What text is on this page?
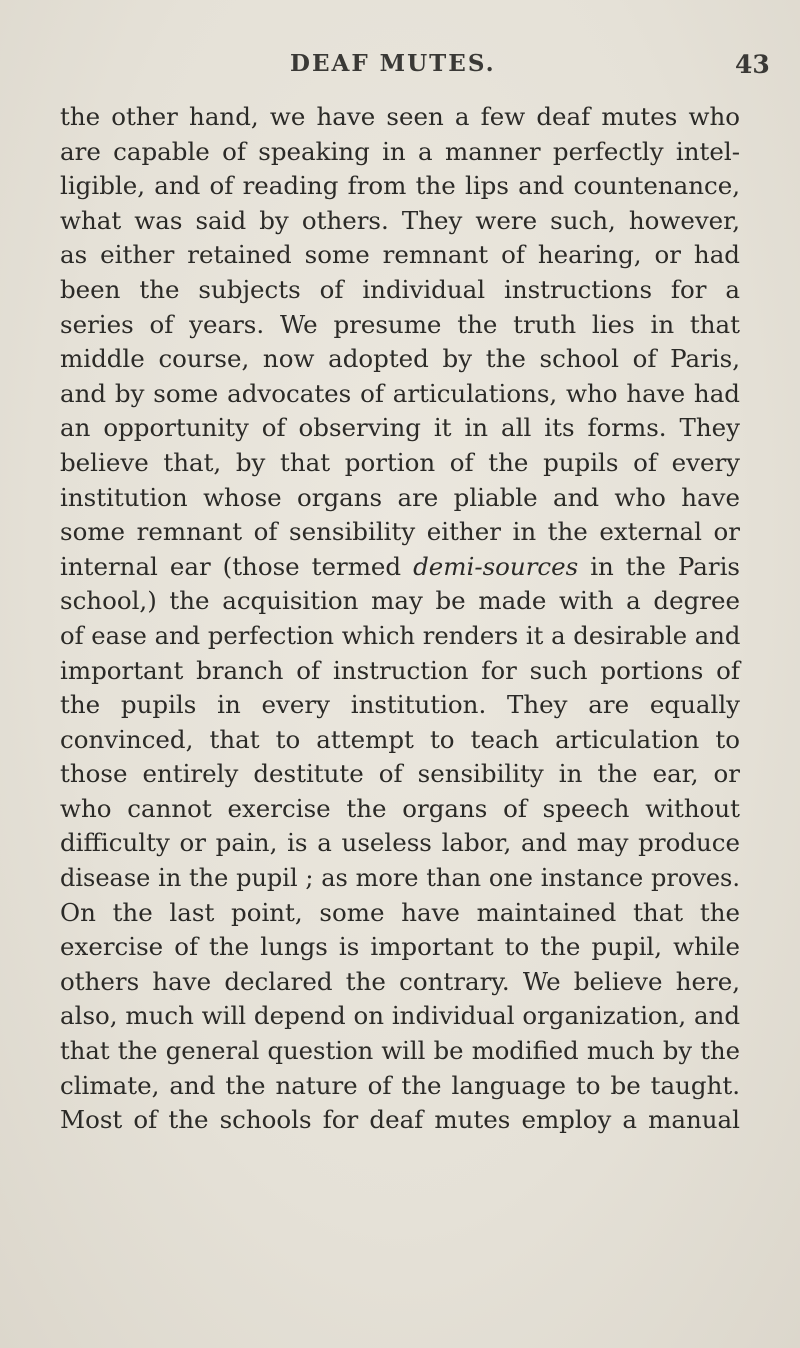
DEAF MUTES.	43
the other hand, we have seen a few deaf mutes who
are capable of speaking in a manner perfectly intel-
ligible, and of reading from the lips and countenance,
what was said by others. They were such, however,
as either retained some remnant of hearing, or had
been the subjects of individual instructions for a
series of years. We presume the truth lies in that
middle course, now adopted by the school of Paris,
and by some advocates of articulations, who have had
an opportunity of observing it in all its forms. They
believe that, by that portion of the pupils of every
institution whose organs are pliable and who have
some remnant of sensibility either in the external or
internal ear (those termed demi-sources in the Paris
school,) the acquisition may be made with a degree
of ease and perfection which renders it a desirable and
important branch of instruction for such portions of
the pupils in every institution. They are equally
convinced, that to attempt to teach articulation to
those entirely destitute of sensibility in the ear, or
who cannot exercise the organs of speech without
difficulty or pain, is a useless labor, and may produce
disease in the pupil ; as more than one instance proves.
On the last point, some have maintained that the
exercise of the lungs is important to the pupil, while
others have declared the contrary. We believe here,
also, much will depend on individual organization, and
that the general question will be modified much by the
climate, and the nature of the language to be taught.
Most of the schools for deaf mutes employ a manual
